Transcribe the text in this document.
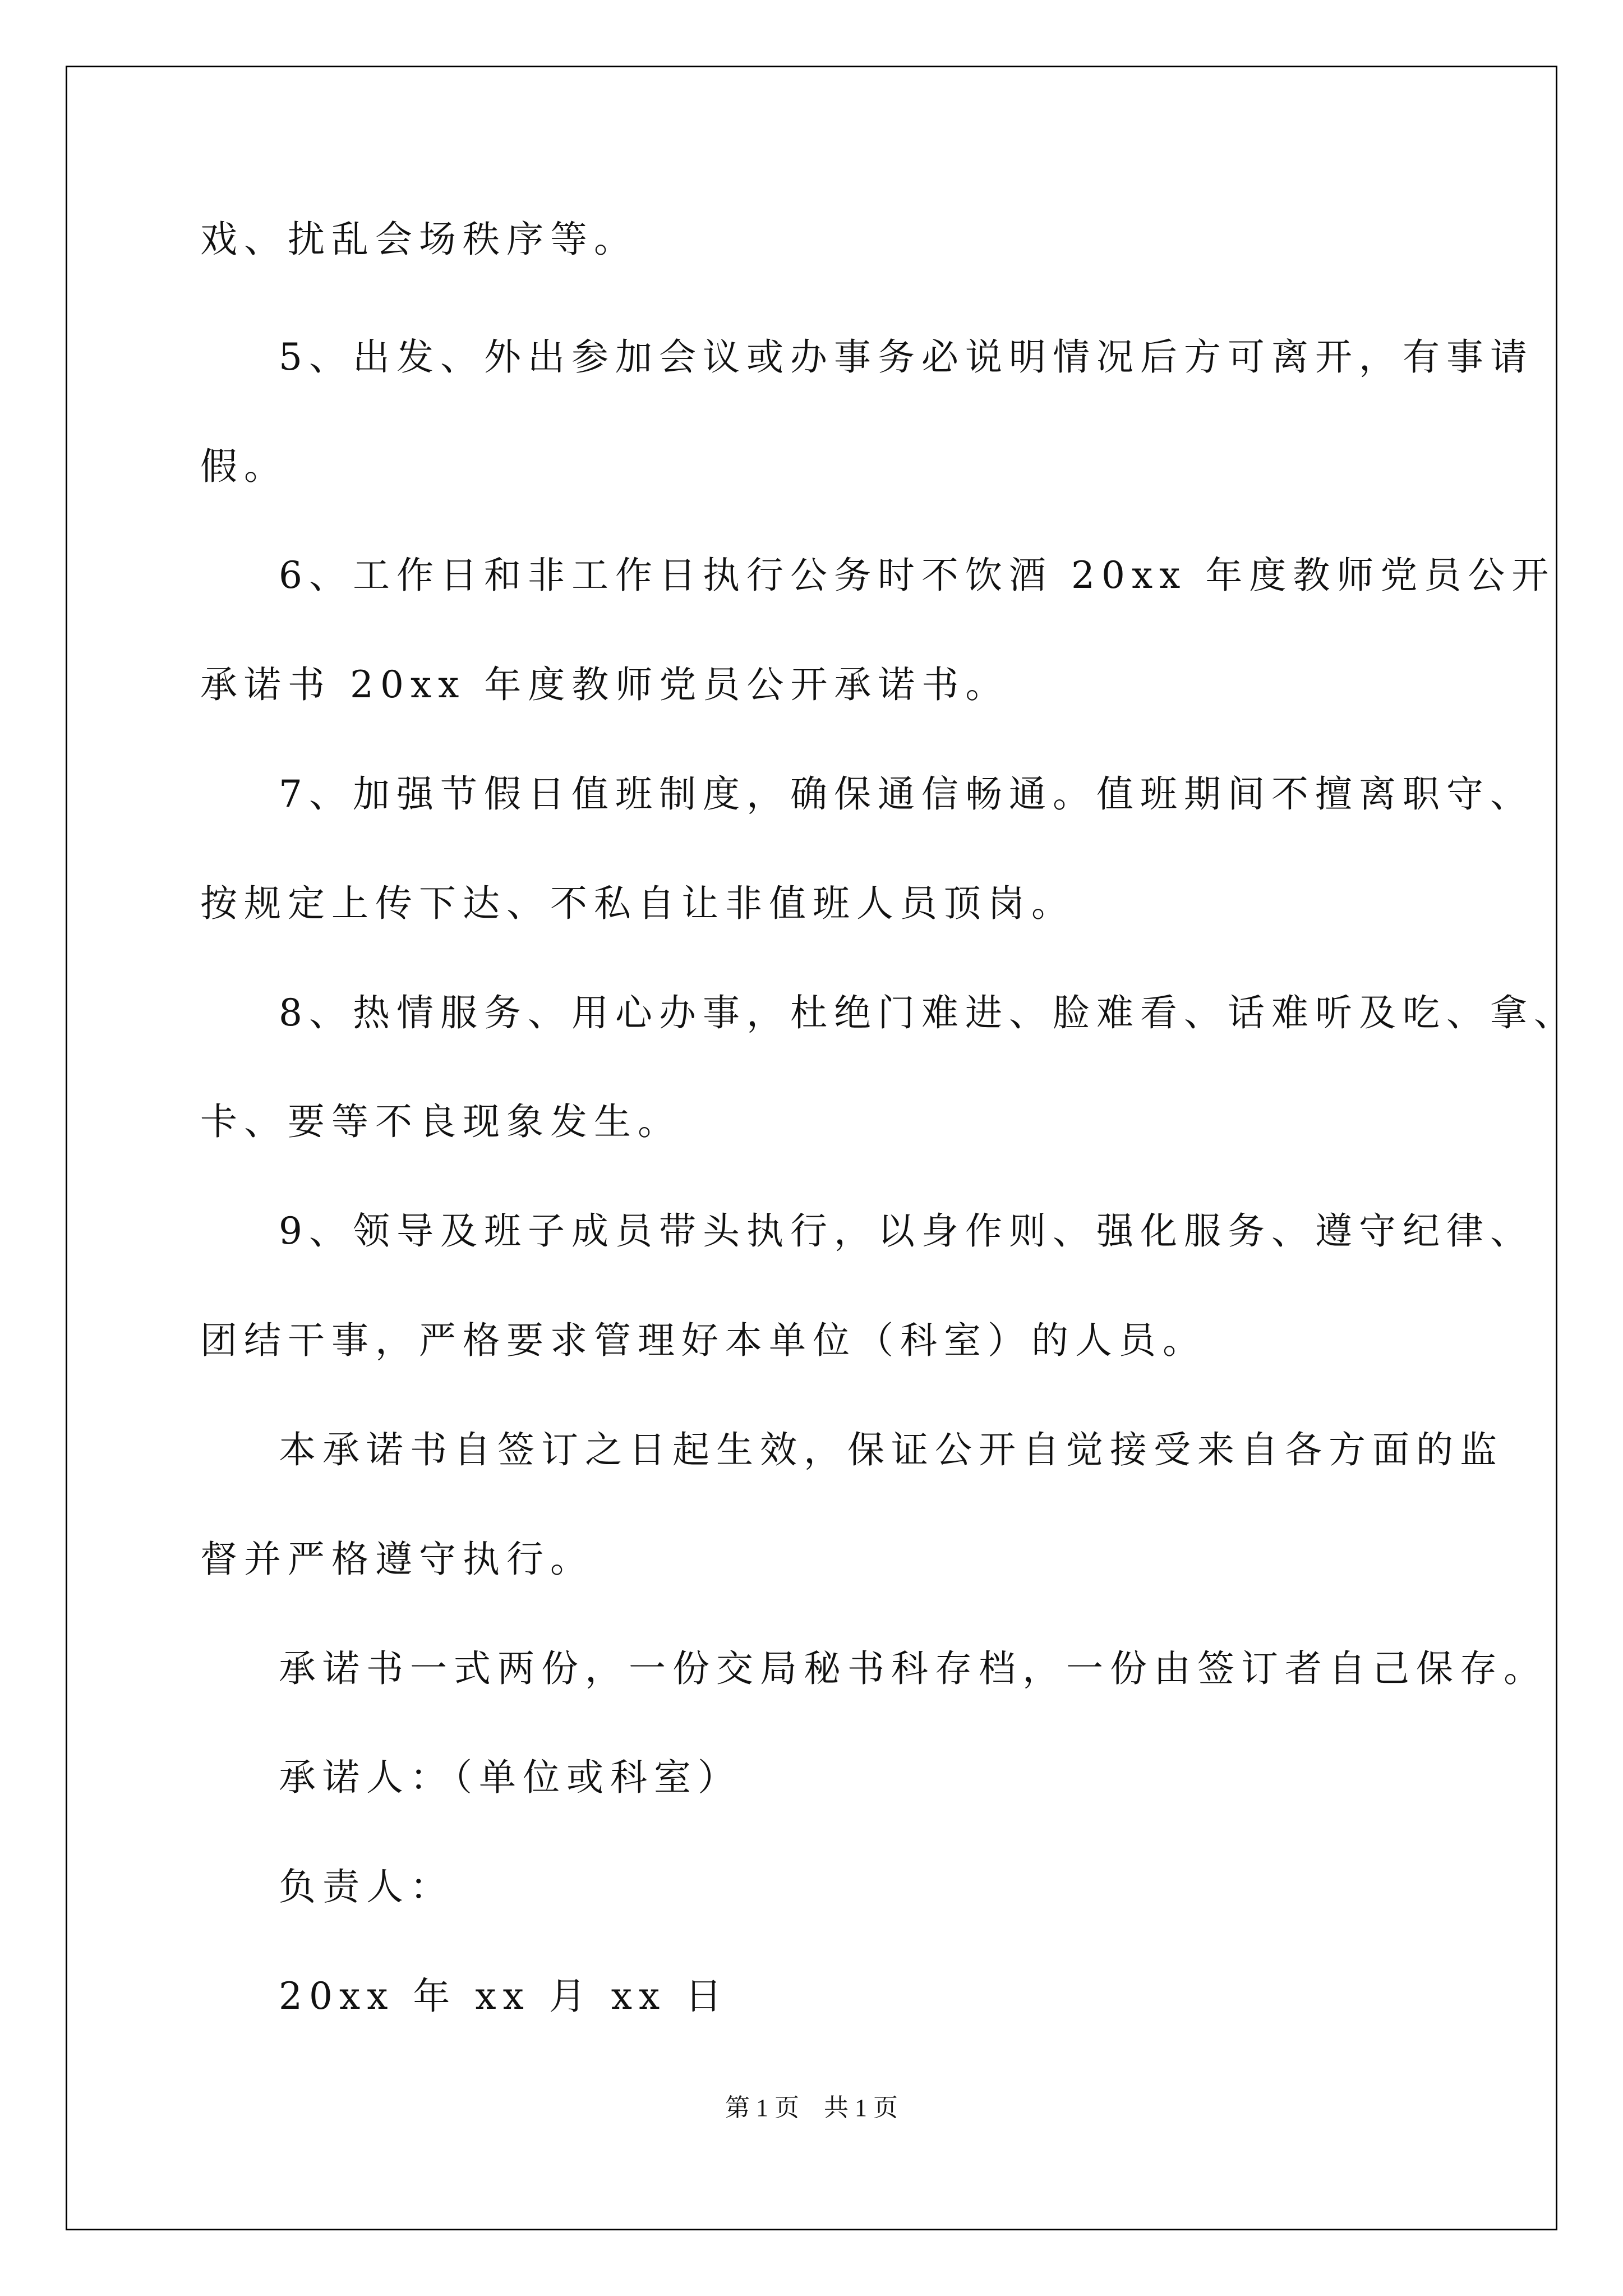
戏、扰乱会场秩序等。
5、出发、外出参加会议或办事务必说明情况后方可离开，有事请
假。
6、工作日和非工作日执行公务时不饮酒 20xx 年度教师党员公开
承诺书 20xx 年度教师党员公开承诺书。
7、加强节假日值班制度，确保通信畅通。值班期间不擅离职守、
按规定上传下达、不私自让非值班人员顶岗。
8、热情服务、用心办事，杜绝门难进、脸难看、话难听及吃、拿、
卡、要等不良现象发生。
9、领导及班子成员带头执行，以身作则、强化服务、遵守纪律、
团结干事，严格要求管理好本单位（科室）的人员。
本承诺书自签订之日起生效，保证公开自觉接受来自各方面的监
督并严格遵守执行。
承诺书一式两份，一份交局秘书科存档，一份由签订者自己保存。
承诺人：（单位或科室）
负责人：
20xx 年 xx 月 xx 日
第 1 页    共 1 页
